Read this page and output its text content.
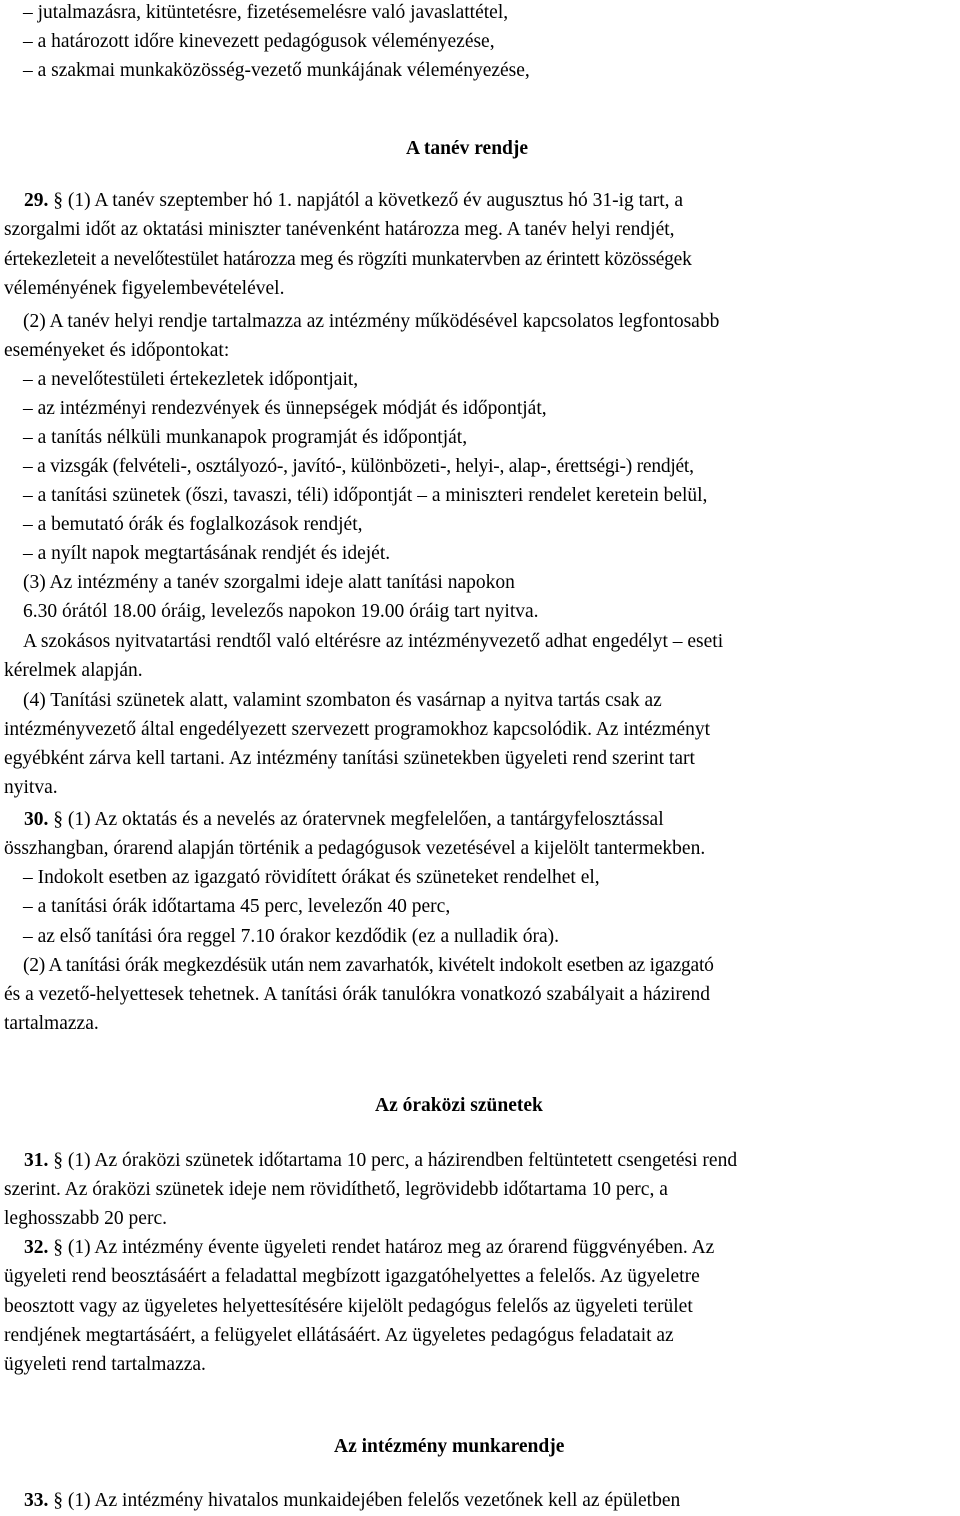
– jutalmazásra, kitüntetésre, fizetésemelésre való javaslattétel,
– a határozott időre kinevezett pedagógusok véleményezése,
– a szakmai munkaközösség-vezető munkájának véleményezése,
A tanév rendje
29. § (1) A tanév szeptember hó 1. napjától a következő év augusztus hó 31-ig tart, a
szorgalmi időt az oktatási miniszter tanévenként határozza meg. A tanév helyi rendjét,
értekezleteit a nevelőtestület határozza meg és rögzíti munkatervben az érintett közösségek
véleményének figyelembevételével.
(2) A tanév helyi rendje tartalmazza az intézmény működésével kapcsolatos legfontosabb
eseményeket és időpontokat:
– a nevelőtestületi értekezletek időpontjait,
– az intézményi rendezvények és ünnepségek módját és időpontját,
– a tanítás nélküli munkanapok programját és időpontját,
– a vizsgák (felvételi-, osztályozó-, javító-, különbözeti-, helyi-, alap-, érettségi-) rendjét,
– a tanítási szünetek (őszi, tavaszi, téli) időpontját – a miniszteri rendelet keretein belül,
– a bemutató órák és foglalkozások rendjét,
– a nyílt napok megtartásának rendjét és idejét.
(3) Az intézmény a tanév szorgalmi ideje alatt tanítási napokon
6.30 órától 18.00 óráig, levelezős napokon 19.00 óráig tart nyitva.
A szokásos nyitvatartási rendtől való eltérésre az intézményvezető adhat engedélyt – eseti
kérelmek alapján.
(4) Tanítási szünetek alatt, valamint szombaton és vasárnap a nyitva tartás csak az
intézményvezető által engedélyezett szervezett programokhoz kapcsolódik. Az intézményt
egyébként zárva kell tartani. Az intézmény tanítási szünetekben ügyeleti rend szerint tart
nyitva.
30. § (1) Az oktatás és a nevelés az óratervnek megfelelően, a tantárgyfelosztással
összhangban, órarend alapján történik a pedagógusok vezetésével a kijelölt tantermekben.
– Indokolt esetben az igazgató rövidített órákat és szüneteket rendelhet el,
– a tanítási órák időtartama 45 perc, levelezőn 40 perc,
– az első tanítási óra reggel 7.10 órakor kezdődik (ez a nulladik óra).
(2) A tanítási órák megkezdésük után nem zavarhatók, kivételt indokolt esetben az igazgató
és a vezető-helyettesek tehetnek. A tanítási órák tanulókra vonatkozó szabályait a házirend
tartalmazza.
Az óraközi szünetek
31. § (1) Az óraközi szünetek időtartama 10 perc, a házirendben feltüntetett csengetési rend
szerint. Az óraközi szünetek ideje nem rövidíthető, legrövidebb időtartama 10 perc, a
leghosszabb 20 perc.
32. § (1) Az intézmény évente ügyeleti rendet határoz meg az órarend függvényében. Az
ügyeleti rend beosztásáért a feladattal megbízott igazgatóhelyettes a felelős. Az ügyeletre
beosztott vagy az ügyeletes helyettesítésére kijelölt pedagógus felelős az ügyeleti terület
rendjének megtartásáért, a felügyelet ellátásáért. Az ügyeletes pedagógus feladatait az
ügyeleti rend tartalmazza.
Az intézmény munkarendje
33. § (1) Az intézmény hivatalos munkaidejében felelős vezetőnek kell az épületben
